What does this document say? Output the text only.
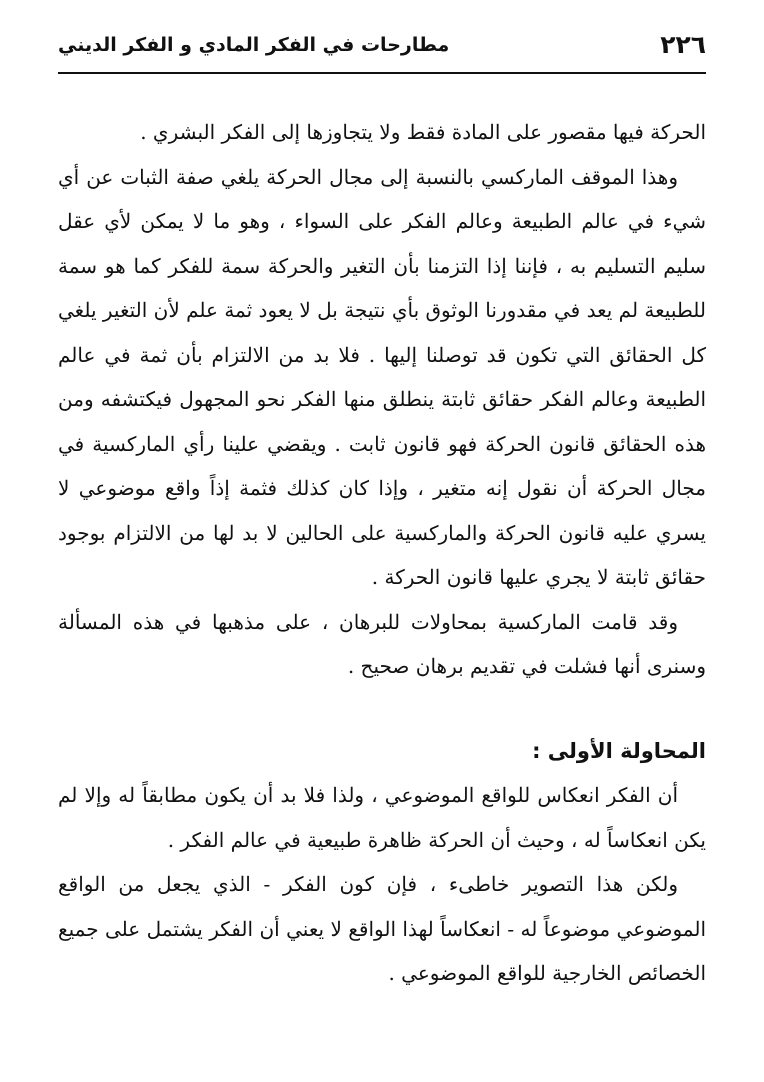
٢٢٦
مطارحات في الفكر المادي و الفكر الديني

الحركة فيها مقصور على المادة فقط ولا يتجاوزها إلى الفكر البشري .

وهذا الموقف الماركسي بالنسبة إلى مجال الحركة يلغي صفة الثبات عن أي شيء في عالم الطبيعة وعالم الفكر على السواء ، وهو ما لا يمكن لأي عقل سليم التسليم به ، فإننا إذا التزمنا بأن التغير والحركة سمة للفكر كما هو سمة للطبيعة لم يعد في مقدورنا الوثوق بأي نتيجة بل لا يعود ثمة علم لأن التغير يلغي كل الحقائق التي تكون قد توصلنا إليها . فلا بد من الالتزام بأن ثمة في عالم الطبيعة وعالم الفكر حقائق ثابتة ينطلق منها الفكر نحو المجهول فيكتشفه ومن هذه الحقائق قانون الحركة فهو قانون ثابت . ويقضي علينا رأي الماركسية في مجال الحركة أن نقول إنه متغير ، وإذا كان كذلك فثمة إذاً واقع موضوعي لا يسري عليه قانون الحركة والماركسية على الحالين لا بد لها من الالتزام بوجود حقائق ثابتة لا يجري عليها قانون الحركة .

وقد قامت الماركسية بمحاولات للبرهان ، على مذهبها في هذه المسألة وسنرى أنها فشلت في تقديم برهان صحيح .

المحاولة الأولى :

أن الفكر انعكاس للواقع الموضوعي ، ولذا فلا بد أن يكون مطابقاً له وإلا لم يكن انعكاساً له ، وحيث أن الحركة ظاهرة طبيعية في عالم الفكر .

ولكن هذا التصوير خاطىء ، فإن كون الفكر - الذي يجعل من الواقع الموضوعي موضوعاً له - انعكاساً لهذا الواقع لا يعني أن الفكر يشتمل على جميع الخصائص الخارجية للواقع الموضوعي .
